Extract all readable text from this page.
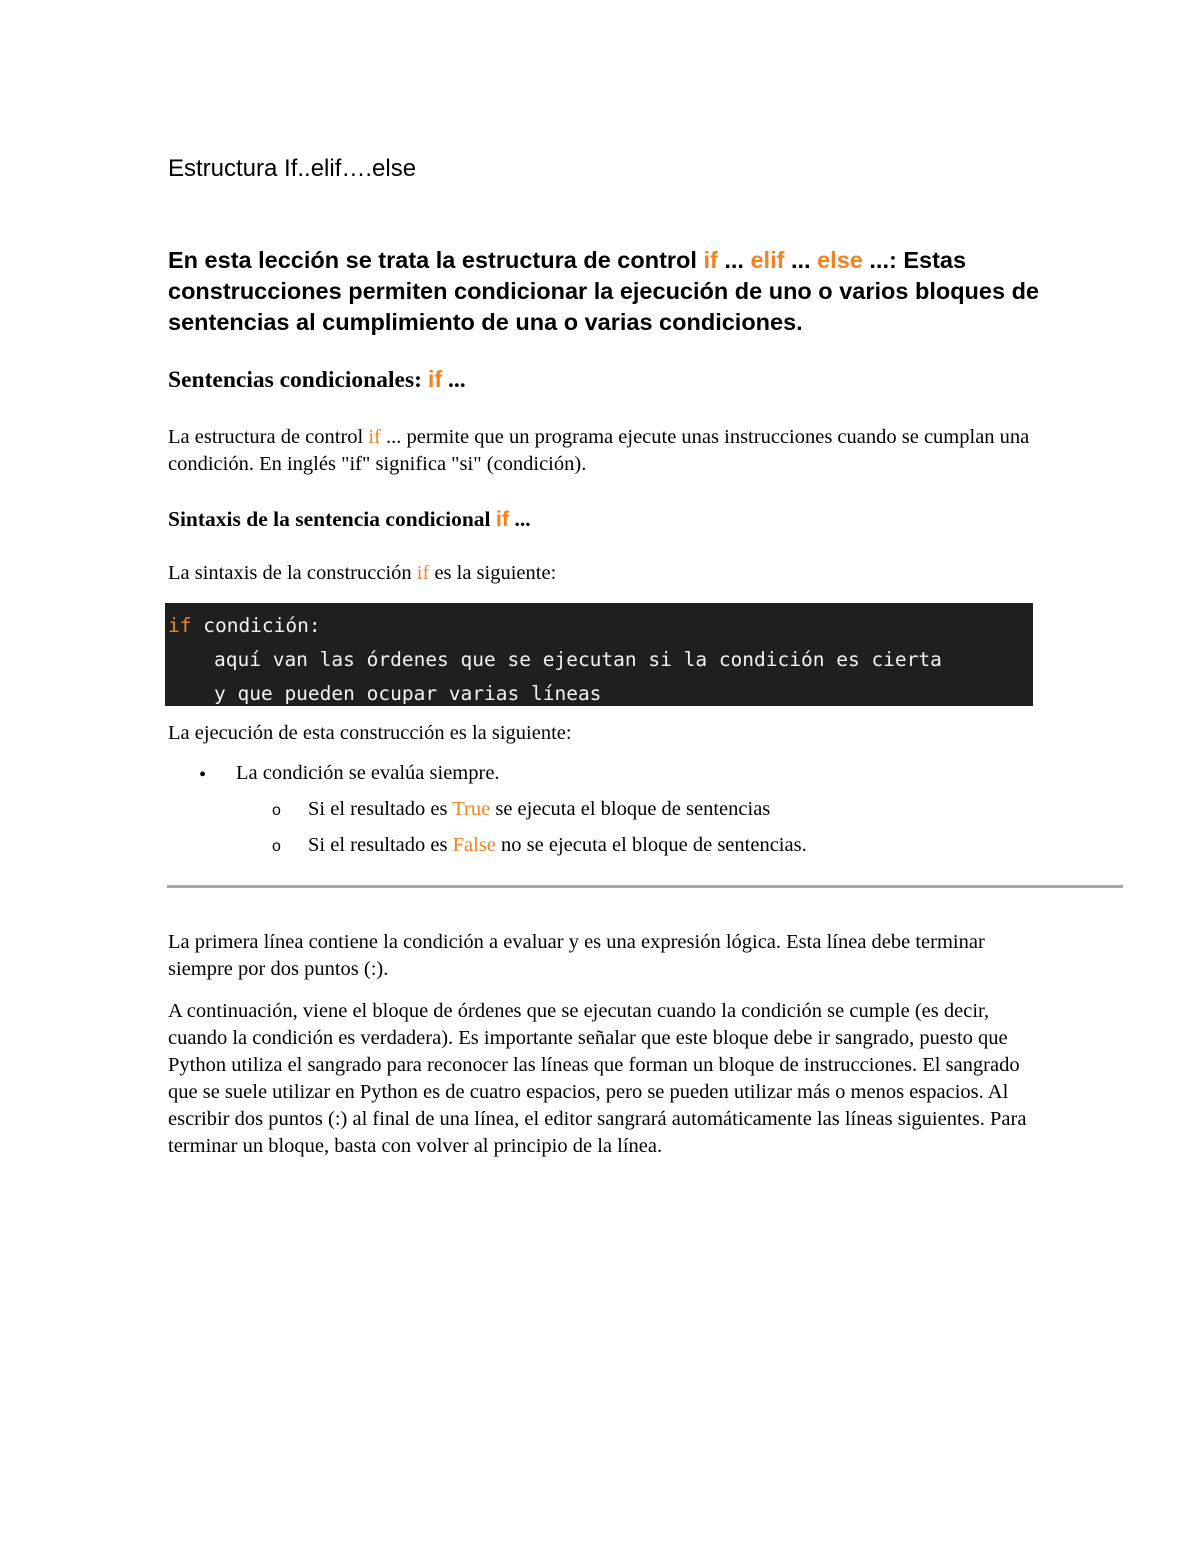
Estructura If..elif….else

En esta lección se trata la estructura de control if ... elif ... else ...: Estas construcciones permiten condicionar la ejecución de uno o varios bloques de sentencias al cumplimiento de una o varias condiciones.

Sentencias condicionales: if ...

La estructura de control if ... permite que un programa ejecute unas instrucciones cuando se cumplan una condición. En inglés "if" significa "si" (condición).

Sintaxis de la sentencia condicional if ...
La sintaxis de la construcción if es la siguiente:
if condición:
aquí van las órdenes que se ejecutan si la condición es cierta
y que pueden ocupar varias líneas
La ejecución de esta construcción es la siguiente:
• La condición se evalúa siempre.
o Si el resultado es True se ejecuta el bloque de sentencias
o Si el resultado es False no se ejecuta el bloque de sentencias.

La primera línea contiene la condición a evaluar y es una expresión lógica. Esta línea debe terminar siempre por dos puntos (:).

A continuación, viene el bloque de órdenes que se ejecutan cuando la condición se cumple (es decir, cuando la condición es verdadera). Es importante señalar que este bloque debe ir sangrado, puesto que Python utiliza el sangrado para reconocer las líneas que forman un bloque de instrucciones. El sangrado que se suele utilizar en Python es de cuatro espacios, pero se pueden utilizar más o menos espacios. Al escribir dos puntos (:) al final de una línea, el editor sangrará automáticamente las líneas siguientes. Para terminar un bloque, basta con volver al principio de la línea.
